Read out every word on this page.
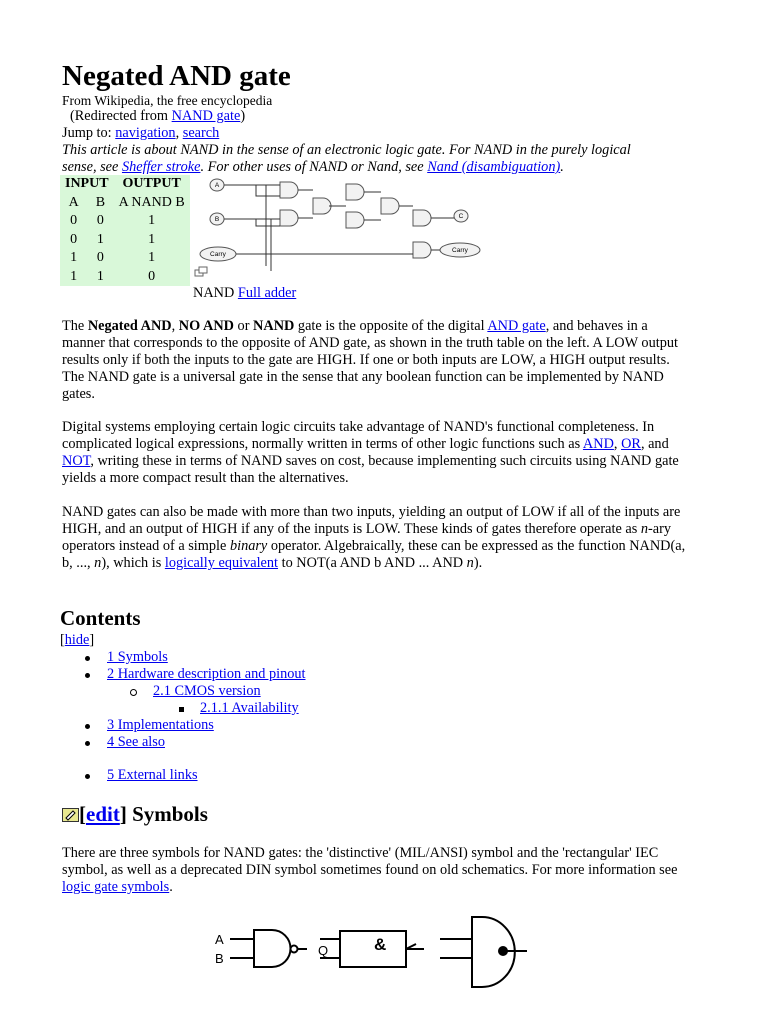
Negated AND gate
From Wikipedia, the free encyclopedia
(Redirected from NAND gate)
Jump to: navigation, search
This article is about NAND in the sense of an electronic logic gate. For NAND in the purely logical
sense, see Sheffer stroke. For other uses of NAND or Nand, see Nand (disambiguation).
INPUT		OUTPUT
A	B	A NAND B
0	0	1
0	1	1
1	0	1
1	1	0
A
B	C
Carry
Carry
NAND Full adder

The Negated AND, NO AND or NAND gate is the opposite of the digital AND gate, and behaves in a manner that corresponds to the opposite of AND gate, as shown in the truth table on the left. A LOW output results only if both the inputs to the gate are HIGH. If one or both inputs are LOW, a HIGH output results. The NAND gate is a universal gate in the sense that any boolean function can be implemented by NAND gates.

Digital systems employing certain logic circuits take advantage of NAND's functional completeness. In complicated logical expressions, normally written in terms of other logic functions such as AND, OR, and NOT, writing these in terms of NAND saves on cost, because implementing such circuits using NAND gate yields a more compact result than the alternatives.

NAND gates can also be made with more than two inputs, yielding an output of LOW if all of the inputs are HIGH, and an output of HIGH if any of the inputs is LOW. These kinds of gates therefore operate as n-ary operators instead of a simple binary operator. Algebraically, these can be expressed as the function NAND(a, b, ..., n), which is logically equivalent to NOT(a AND b AND ... AND n).

Contents
[hide]
1 Symbols
2 Hardware description and pinout
2.1 CMOS version
2.1.1 Availability
3 Implementations
4 See also
5 External links
[edit] Symbols

There are three symbols for NAND gates: the 'distinctive' (MIL/ANSI) symbol and the 'rectangular' IEC symbol, as well as a deprecated DIN symbol sometimes found on old schematics. For more information see logic gate symbols.

A
B
Q	&
